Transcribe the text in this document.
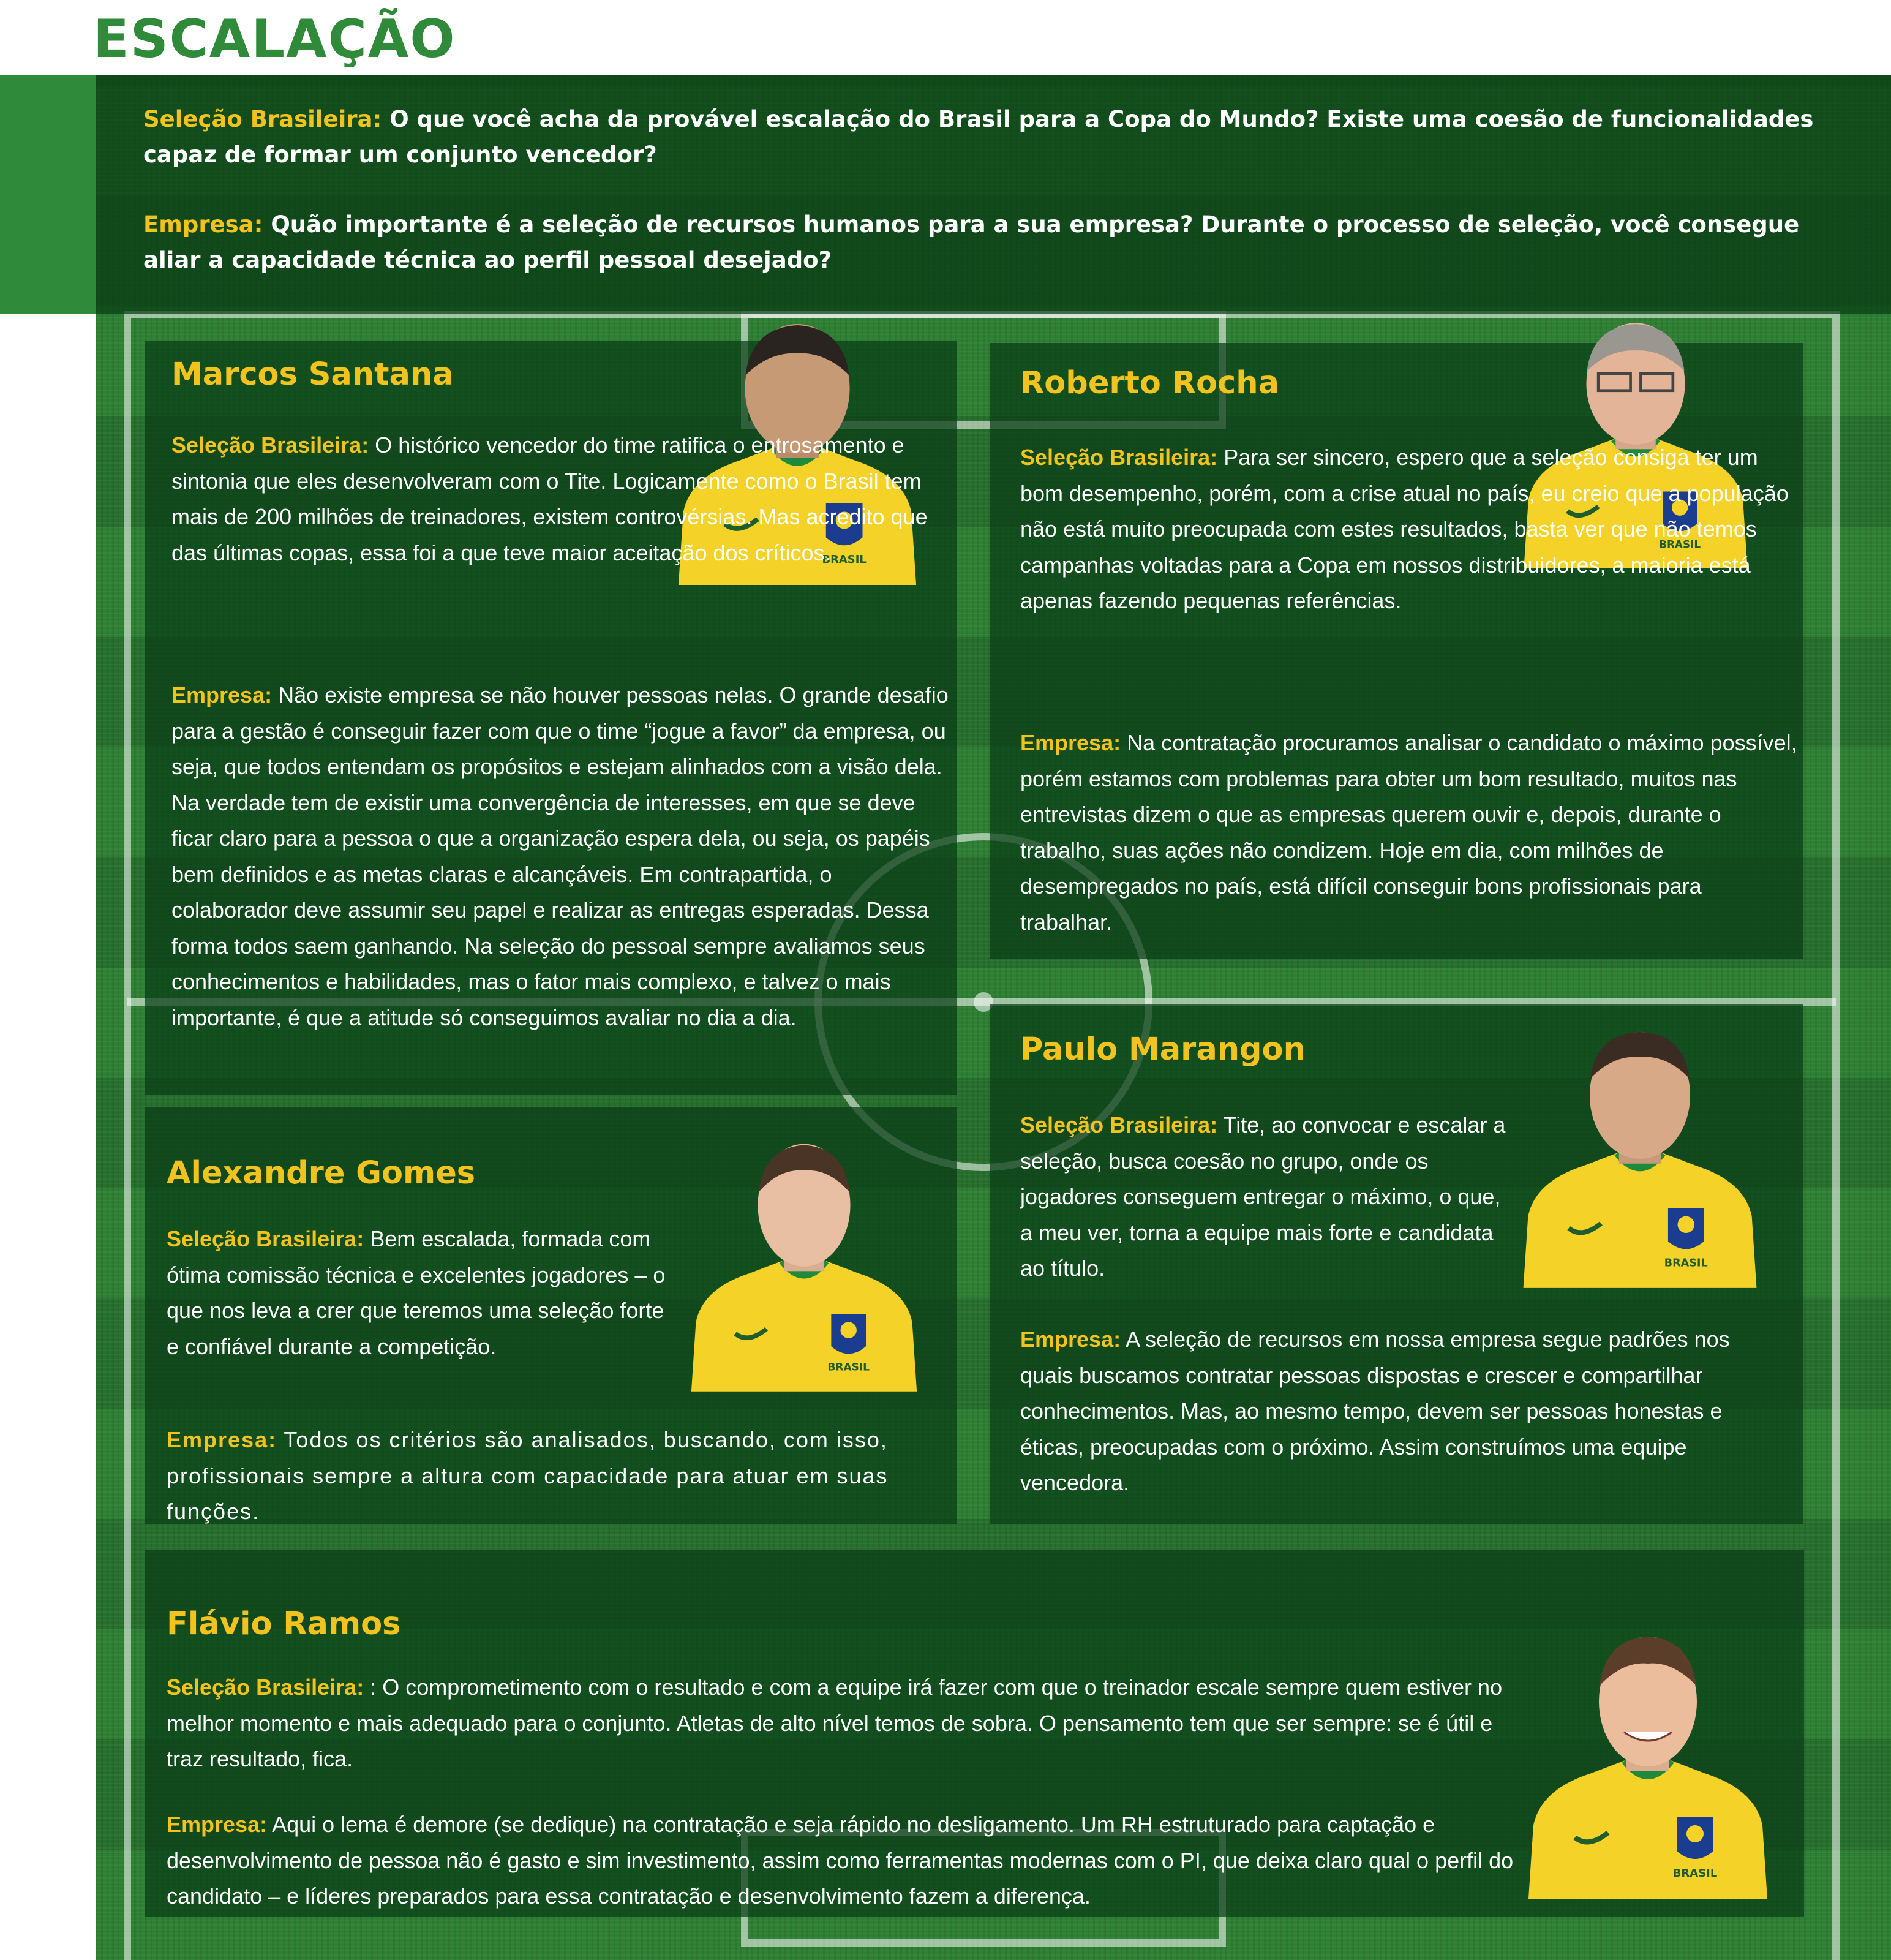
ESCALAÇÃO

Seleção Brasileira: O que você acha da provável escalação do Brasil para a Copa do Mundo? Existe uma coesão de funcionalidades capaz de formar um conjunto vencedor?

Empresa: Quão importante é a seleção de recursos humanos para a sua empresa? Durante o processo de seleção, você consegue aliar a capacidade técnica ao perfil pessoal desejado?

Marcos Santana
BRASIL

Seleção Brasileira: O histórico vencedor do time ratifica o entrosamento e sintonia que eles desenvolveram com o Tite. Logicamente como o Brasil tem mais de 200 milhões de treinadores, existem controvérsias. Mas acredito que das últimas copas, essa foi a que teve maior aceitação dos críticos.

Empresa: Não existe empresa se não houver pessoas nelas. O grande desafio para a gestão é conseguir fazer com que o time “jogue a favor” da empresa, ou seja, que todos entendam os propósitos e estejam alinhados com a visão dela. Na verdade tem de existir uma convergência de interesses, em que se deve ficar claro para a pessoa o que a organização espera dela, ou seja, os papéis bem definidos e as metas claras e alcançáveis. Em contrapartida, o colaborador deve assumir seu papel e realizar as entregas esperadas. Dessa forma todos saem ganhando. Na seleção do pessoal sempre avaliamos seus conhecimentos e habilidades, mas o fator mais complexo, e talvez o mais importante, é que a atitude só conseguimos avaliar no dia a dia.

Roberto Rocha
BRASIL

Seleção Brasileira: Para ser sincero, espero que a seleção consiga ter um bom desempenho, porém, com a crise atual no país, eu creio que a população não está muito preocupada com estes resultados, basta ver que não temos campanhas voltadas para a Copa em nossos distribuidores, a maioria está apenas fazendo pequenas referências.

Empresa: Na contratação procuramos analisar o candidato o máximo possível, porém estamos com problemas para obter um bom resultado, muitos nas entrevistas dizem o que as empresas querem ouvir e, depois, durante o trabalho, suas ações não condizem. Hoje em dia, com milhões de desempregados no país, está difícil conseguir bons profissionais para trabalhar.

Alexandre Gomes
BRASIL

Seleção Brasileira: Bem escalada, formada com ótima comissão técnica e excelentes jogadores – o que nos leva a crer que teremos uma seleção forte e confiável durante a competição.

Empresa: Todos os critérios são analisados, buscando, com isso, profissionais sempre a altura com capacidade para atuar em suas funções.

Paulo Marangon
BRASIL

Seleção Brasileira: Tite, ao convocar e escalar a seleção, busca coesão no grupo, onde os jogadores conseguem entregar o máximo, o que, a meu ver, torna a equipe mais forte e candidata ao título.

Empresa: A seleção de recursos em nossa empresa segue padrões nos quais buscamos contratar pessoas dispostas e crescer e compartilhar conhecimentos. Mas, ao mesmo tempo, devem ser pessoas honestas e éticas, preocupadas com o próximo. Assim construímos uma equipe vencedora.

Flávio Ramos
BRASIL

Seleção Brasileira: : O comprometimento com o resultado e com a equipe irá fazer com que o treinador escale sempre quem estiver no melhor momento e mais adequado para o conjunto. Atletas de alto nível temos de sobra. O pensamento tem que ser sempre: se é útil e traz resultado, fica.

Empresa: Aqui o lema é demore (se dedique) na contratação e seja rápido no desligamento. Um RH estruturado para captação e desenvolvimento de pessoa não é gasto e sim investimento, assim como ferramentas modernas com o PI, que deixa claro qual o perfil do candidato – e líderes preparados para essa contratação e desenvolvimento fazem a diferença.
